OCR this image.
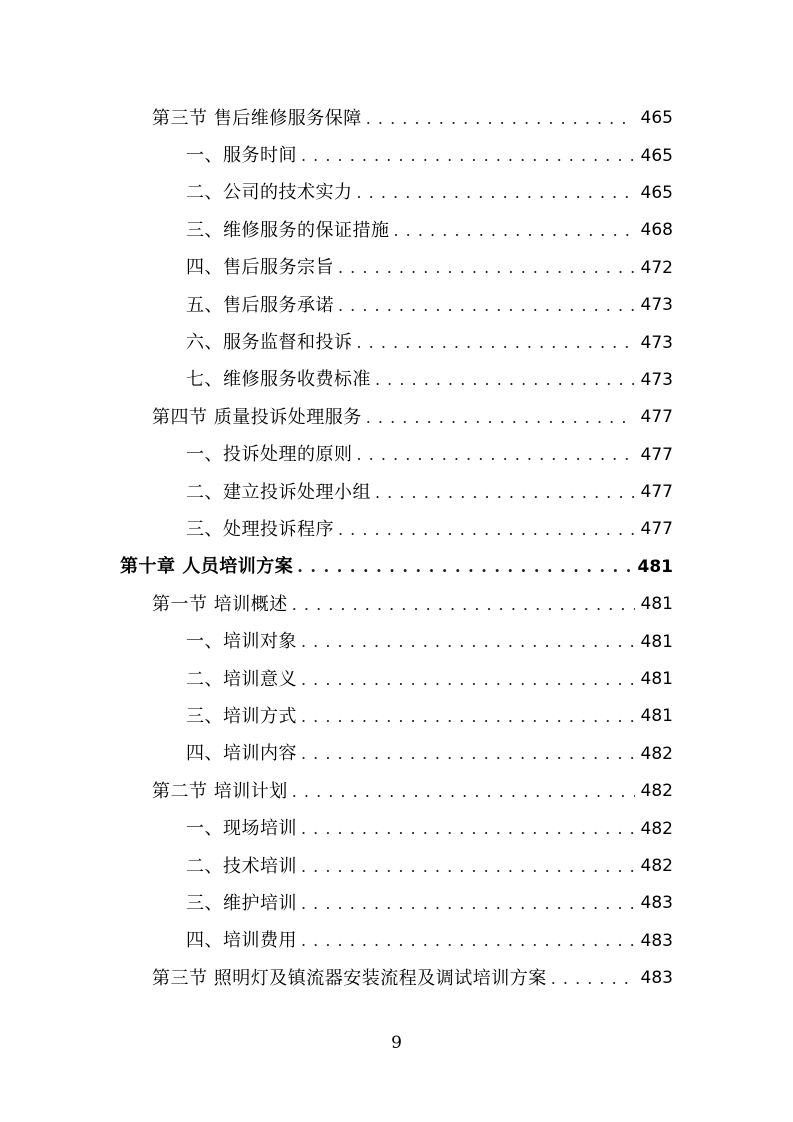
第三节 售后维修服务保障 . . .	465
一、服务时间 . . .	465
二、公司的技术实力 . . .	465
三、维修服务的保证措施 . . .	468
四、售后服务宗旨 . . .	472
五、售后服务承诺 . . .	473
六、服务监督和投诉 . . .	473
七、维修服务收费标准 . . .	473
第四节 质量投诉处理服务 . . .	477
一、投诉处理的原则 . . .	477
二、建立投诉处理小组 . . .	477
三、处理投诉程序 . . .	477
第十章 人员培训方案 . . .	481
第一节 培训概述 . . .	481
一、培训对象 . . .	481
二、培训意义 . . .	481
三、培训方式 . . .	481
四、培训内容 . . .	482
第二节 培训计划 . . .	482
一、现场培训 . . .	482
二、技术培训 . . .	482
三、维护培训 . . .	483
四、培训费用 . . .	483
第三节 照明灯及镇流器安装流程及调试培训方案 . . .	483
9
